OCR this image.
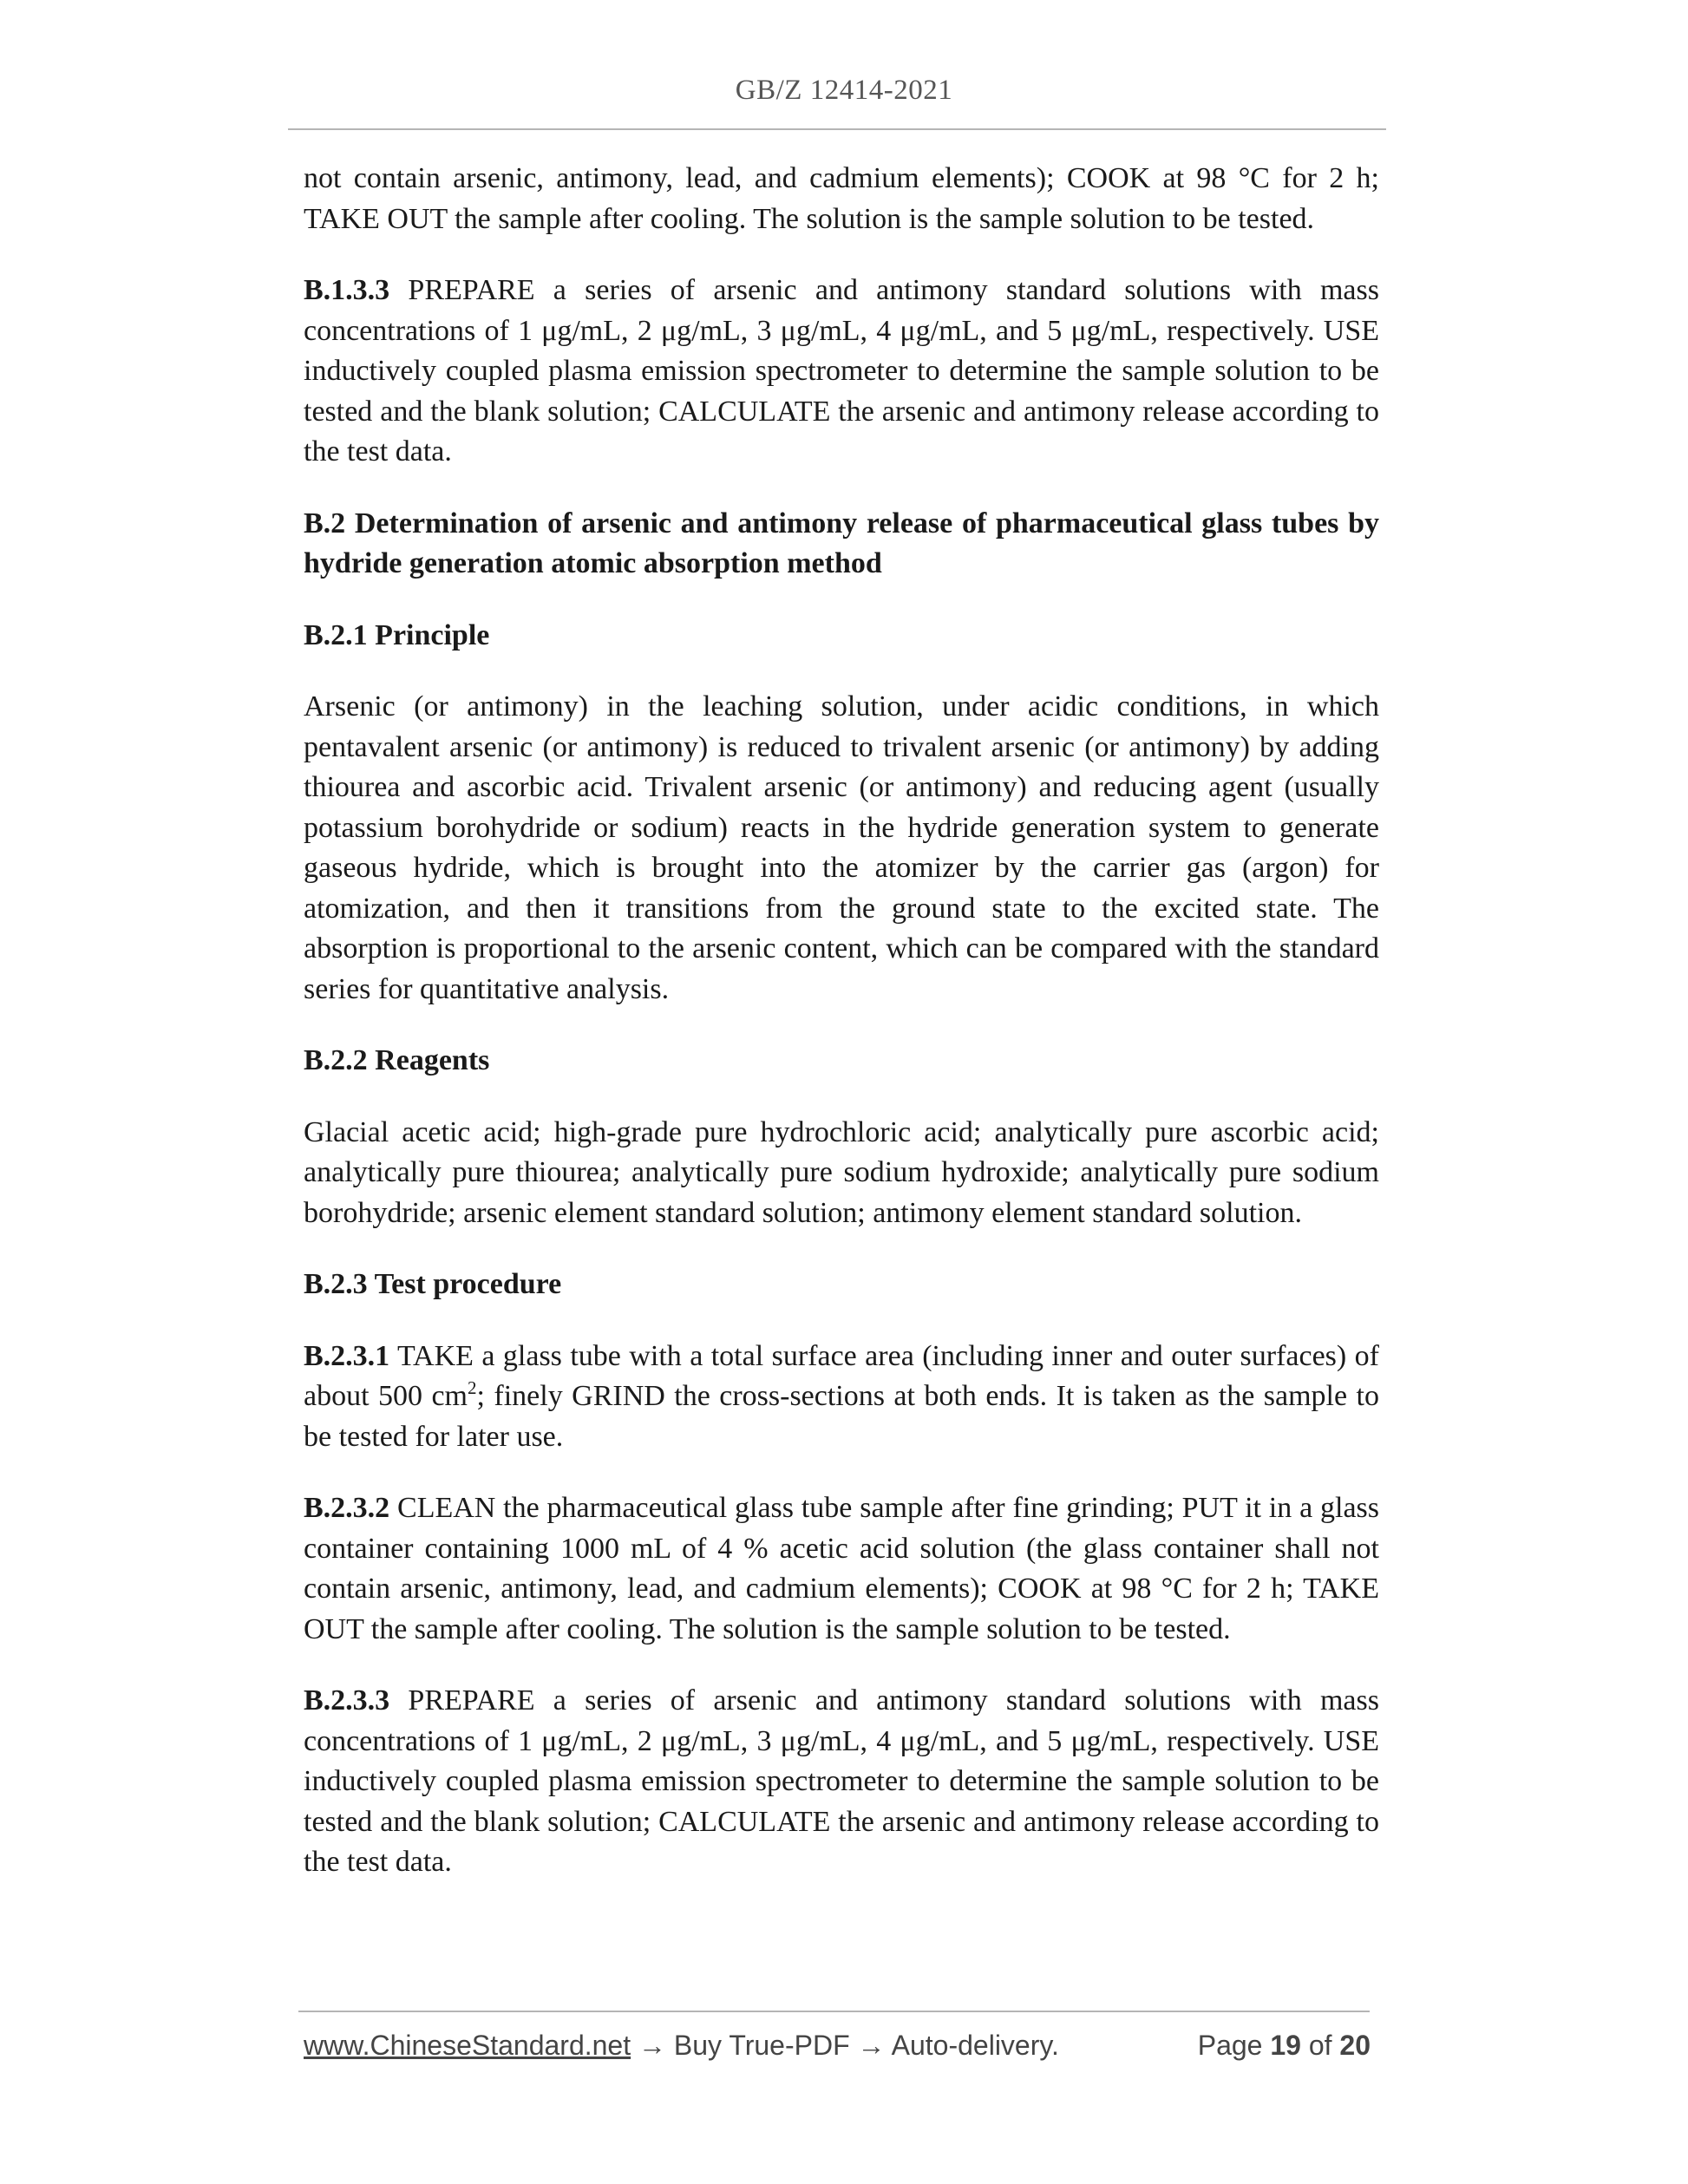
GB/Z 12414-2021

not contain arsenic, antimony, lead, and cadmium elements); COOK at 98 °C for 2 h; TAKE OUT the sample after cooling. The solution is the sample solution to be tested.

B.1.3.3 PREPARE a series of arsenic and antimony standard solutions with mass concentrations of 1 μg/mL, 2 μg/mL, 3 μg/mL, 4 μg/mL, and 5 μg/mL, respectively. USE inductively coupled plasma emission spectrometer to determine the sample solution to be tested and the blank solution; CALCULATE the arsenic and antimony release according to the test data.

B.2 Determination of arsenic and antimony release of pharmaceutical glass tubes by hydride generation atomic absorption method

B.2.1 Principle

Arsenic (or antimony) in the leaching solution, under acidic conditions, in which pentavalent arsenic (or antimony) is reduced to trivalent arsenic (or antimony) by adding thiourea and ascorbic acid. Trivalent arsenic (or antimony) and reducing agent (usually potassium borohydride or sodium) reacts in the hydride generation system to generate gaseous hydride, which is brought into the atomizer by the carrier gas (argon) for atomization, and then it transitions from the ground state to the excited state. The absorption is proportional to the arsenic content, which can be compared with the standard series for quantitative analysis.

B.2.2 Reagents

Glacial acetic acid; high-grade pure hydrochloric acid; analytically pure ascorbic acid; analytically pure thiourea; analytically pure sodium hydroxide; analytically pure sodium borohydride; arsenic element standard solution; antimony element standard solution.

B.2.3 Test procedure

B.2.3.1 TAKE a glass tube with a total surface area (including inner and outer surfaces) of about 500 $cm^2$; finely GRIND the cross-sections at both ends. It is taken as the sample to be tested for later use.

B.2.3.2 CLEAN the pharmaceutical glass tube sample after fine grinding; PUT it in a glass container containing 1000 mL of 4 % acetic acid solution (the glass container shall not contain arsenic, antimony, lead, and cadmium elements); COOK at 98 °C for 2 h; TAKE OUT the sample after cooling. The solution is the sample solution to be tested.

B.2.3.3 PREPARE a series of arsenic and antimony standard solutions with mass concentrations of 1 μg/mL, 2 μg/mL, 3 μg/mL, 4 μg/mL, and 5 μg/mL, respectively. USE inductively coupled plasma emission spectrometer to determine the sample solution to be tested and the blank solution; CALCULATE the arsenic and antimony release according to the test data.

www.ChineseStandard.net → Buy True-PDF → Auto-delivery.	Page 19 of 20
